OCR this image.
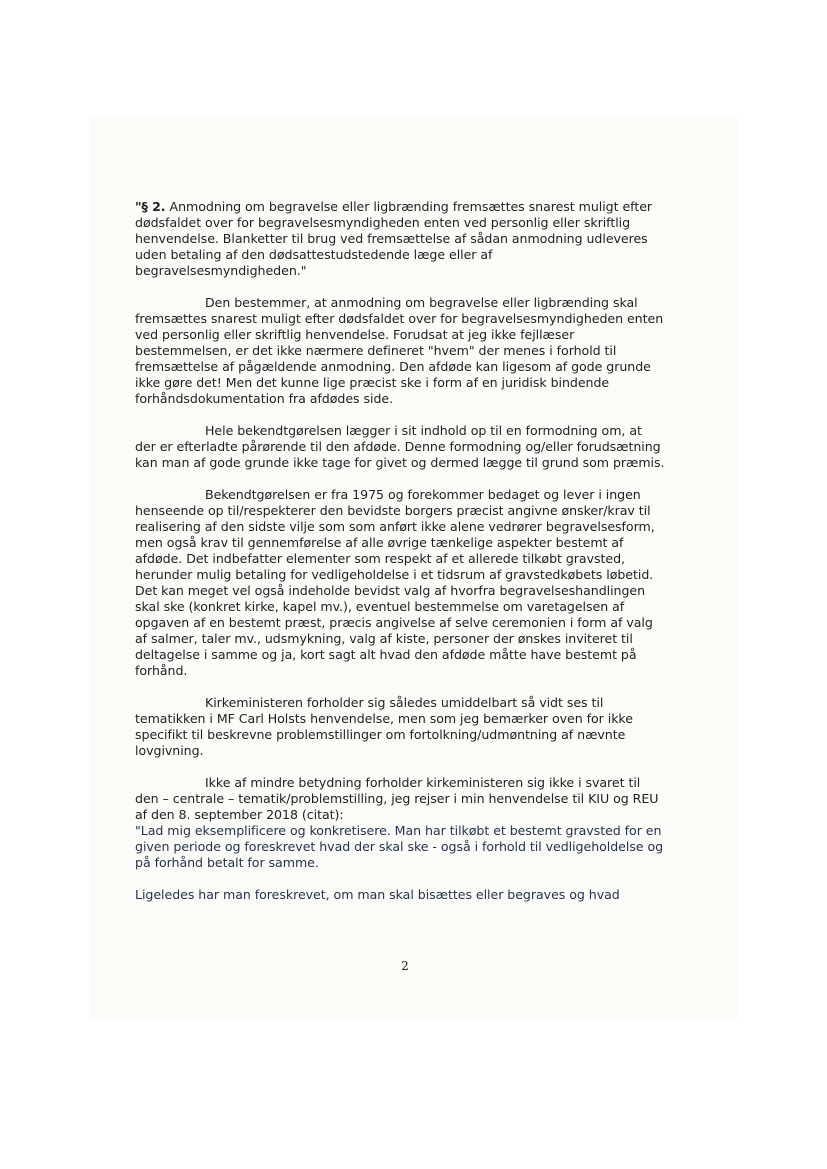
"§ 2. Anmodning om begravelse eller ligbrænding fremsættes snarest muligt efter dødsfaldet over for begravelsesmyndigheden enten ved personlig eller skriftlig henvendelse. Blanketter til brug ved fremsættelse af sådan anmodning udleveres uden betaling af den dødsattestudstedende læge eller af begravelsesmyndigheden."

Den bestemmer, at anmodning om begravelse eller ligbrænding skal fremsættes snarest muligt efter dødsfaldet over for begravelsesmyndigheden enten ved personlig eller skriftlig henvendelse. Forudsat at jeg ikke fejllæser bestemmelsen, er det ikke nærmere defineret "hvem" der menes i forhold til fremsættelse af pågældende anmodning. Den afdøde kan ligesom af gode grunde ikke gøre det! Men det kunne lige præcist ske i form af en juridisk bindende forhåndsdokumentation fra afdødes side.

Hele bekendtgørelsen lægger i sit indhold op til en formodning om, at der er efterladte pårørende til den afdøde. Denne formodning og/eller forudsætning kan man af gode grunde ikke tage for givet og dermed lægge til grund som præmis.

Bekendtgørelsen er fra 1975 og forekommer bedaget og lever i ingen henseende op til/respekterer den bevidste borgers præcist angivne ønsker/krav til realisering af den sidste vilje som som anført ikke alene vedrører begravelsesform, men også krav til gennemførelse af alle øvrige tænkelige aspekter bestemt af afdøde. Det indbefatter elementer som respekt af et allerede tilkøbt gravsted, herunder mulig betaling for vedligeholdelse i et tidsrum af gravstedkøbets løbetid. Det kan meget vel også indeholde bevidst valg af hvorfra begravelseshandlingen skal ske (konkret kirke, kapel mv.), eventuel bestemmelse om varetagelsen af opgaven af en bestemt præst, præcis angivelse af selve ceremonien i form af valg af salmer, taler mv., udsmykning, valg af kiste, personer der ønskes inviteret til deltagelse i samme og ja, kort sagt alt hvad den afdøde måtte have bestemt på forhånd.

Kirkeministeren forholder sig således umiddelbart så vidt ses til tematikken i MF Carl Holsts henvendelse, men som jeg bemærker oven for ikke specifikt til beskrevne problemstillinger om fortolkning/udmøntning af nævnte lovgivning.

Ikke af mindre betydning forholder kirkeministeren sig ikke i svaret til den – centrale – tematik/problemstilling, jeg rejser i min henvendelse til KIU og REU af den 8. september 2018 (citat):

"Lad mig eksemplificere og konkretisere. Man har tilkøbt et bestemt gravsted for en given periode og foreskrevet hvad der skal ske - også i forhold til vedligeholdelse og på forhånd betalt for samme.

Ligeledes har man foreskrevet, om man skal bisættes eller begraves og hvad

2
